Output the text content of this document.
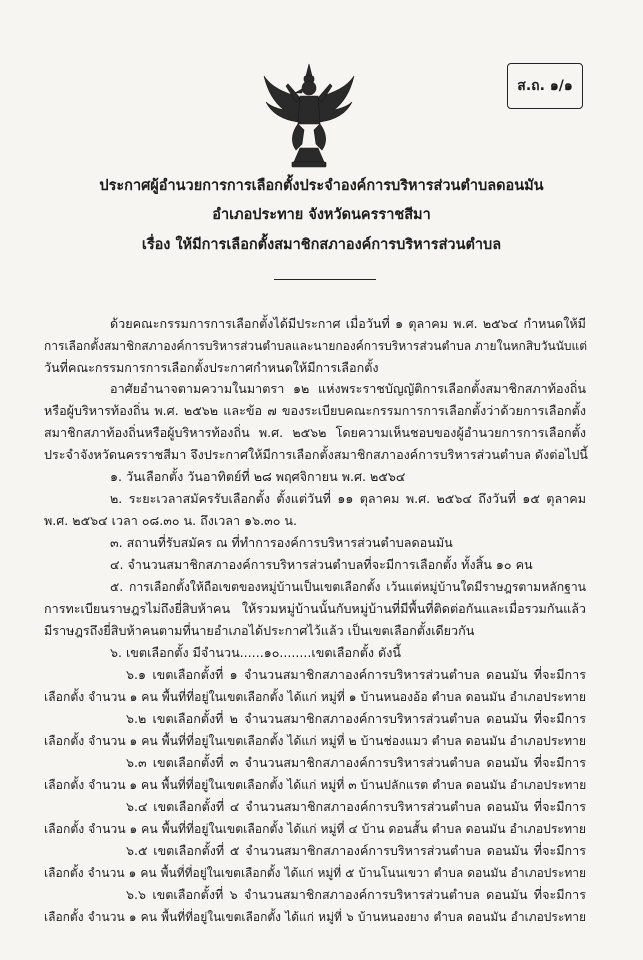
ส.ถ. ๑/๑
ประกาศผู้อำนวยการการเลือกตั้งประจำองค์การบริหารส่วนตำบลดอนมัน
อำเภอประทาย จังหวัดนครราชสีมา
เรื่อง ให้มีการเลือกตั้งสมาชิกสภาองค์การบริหารส่วนตำบล
ด้วยคณะกรรมการการเลือกตั้งได้มีประกาศ เมื่อวันที่ ๑ ตุลาคม พ.ศ. ๒๕๖๔ กำหนดให้มี
การเลือกตั้งสมาชิกสภาองค์การบริหารส่วนตำบลและนายกองค์การบริหารส่วนตำบล ภายในหกสิบวันนับแต่
วันที่คณะกรรมการการเลือกตั้งประกาศกำหนดให้มีการเลือกตั้ง
อาศัยอำนาจตามความในมาตรา ๑๒ แห่งพระราชบัญญัติการเลือกตั้งสมาชิกสภาท้องถิ่น
หรือผู้บริหารท้องถิ่น พ.ศ. ๒๕๖๒ และข้อ ๗ ของระเบียบคณะกรรมการการเลือกตั้งว่าด้วยการเลือกตั้ง
สมาชิกสภาท้องถิ่นหรือผู้บริหารท้องถิ่น พ.ศ. ๒๕๖๒ โดยความเห็นชอบของผู้อำนวยการการเลือกตั้ง
ประจำจังหวัดนครราชสีมา จึงประกาศให้มีการเลือกตั้งสมาชิกสภาองค์การบริหารส่วนตำบล ดังต่อไปนี้
๑. วันเลือกตั้ง วันอาทิตย์ที่ ๒๘ พฤศจิกายน พ.ศ. ๒๕๖๔
๒. ระยะเวลาสมัครรับเลือกตั้ง ตั้งแต่วันที่ ๑๑ ตุลาคม พ.ศ. ๒๕๖๔ ถึงวันที่ ๑๕ ตุลาคม
พ.ศ. ๒๕๖๔ เวลา ๐๘.๓๐ น. ถึงเวลา ๑๖.๓๐ น.
๓. สถานที่รับสมัคร ณ ที่ทำการองค์การบริหารส่วนตำบลดอนมัน
๔. จำนวนสมาชิกสภาองค์การบริหารส่วนตำบลที่จะมีการเลือกตั้ง ทั้งสิ้น ๑๐ คน
๕. การเลือกตั้งให้ถือเขตของหมู่บ้านเป็นเขตเลือกตั้ง เว้นแต่หมู่บ้านใดมีราษฎรตามหลักฐาน
การทะเบียนราษฎรไม่ถึงยี่สิบห้าคน ให้รวมหมู่บ้านนั้นกับหมู่บ้านที่มีพื้นที่ติดต่อกันและเมื่อรวมกันแล้ว
มีราษฎรถึงยี่สิบห้าคนตามที่นายอำเภอได้ประกาศไว้แล้ว เป็นเขตเลือกตั้งเดียวกัน
๖. เขตเลือกตั้ง มีจำนวน......๑๐........เขตเลือกตั้ง ดังนี้
๖.๑ เขตเลือกตั้งที่ ๑ จำนวนสมาชิกสภาองค์การบริหารส่วนตำบล ดอนมัน ที่จะมีการ
เลือกตั้ง จำนวน ๑ คน พื้นที่ที่อยู่ในเขตเลือกตั้ง ได้แก่ หมู่ที่ ๑ บ้านหนองอ้อ ตำบล ดอนมัน อำเภอประทาย
๖.๒ เขตเลือกตั้งที่ ๒ จำนวนสมาชิกสภาองค์การบริหารส่วนตำบล ดอนมัน ที่จะมีการ
เลือกตั้ง จำนวน ๑ คน พื้นที่ที่อยู่ในเขตเลือกตั้ง ได้แก่ หมู่ที่ ๒ บ้านช่องแมว ตำบล ดอนมัน อำเภอประทาย
๖.๓ เขตเลือกตั้งที่ ๓ จำนวนสมาชิกสภาองค์การบริหารส่วนตำบล ดอนมัน ที่จะมีการ
เลือกตั้ง จำนวน ๑ คน พื้นที่ที่อยู่ในเขตเลือกตั้ง ได้แก่ หมู่ที่ ๓ บ้านปลักแรต ตำบล ดอนมัน อำเภอประทาย
๖.๔ เขตเลือกตั้งที่ ๔ จำนวนสมาชิกสภาองค์การบริหารส่วนตำบล ดอนมัน ที่จะมีการ
เลือกตั้ง จำนวน ๑ คน พื้นที่ที่อยู่ในเขตเลือกตั้ง ได้แก่ หมู่ที่ ๔ บ้าน ดอนสั้น ตำบล ดอนมัน อำเภอประทาย
๖.๕ เขตเลือกตั้งที่ ๕ จำนวนสมาชิกสภาองค์การบริหารส่วนตำบล ดอนมัน ที่จะมีการ
เลือกตั้ง จำนวน ๑ คน พื้นที่ที่อยู่ในเขตเลือกตั้ง ได้แก่ หมู่ที่ ๕ บ้านโนนเขวา ตำบล ดอนมัน อำเภอประทาย
๖.๖ เขตเลือกตั้งที่ ๖ จำนวนสมาชิกสภาองค์การบริหารส่วนตำบล ดอนมัน ที่จะมีการ
เลือกตั้ง จำนวน ๑ คน พื้นที่ที่อยู่ในเขตเลือกตั้ง ได้แก่ หมู่ที่ ๖ บ้านหนองยาง ตำบล ดอนมัน อำเภอประทาย
